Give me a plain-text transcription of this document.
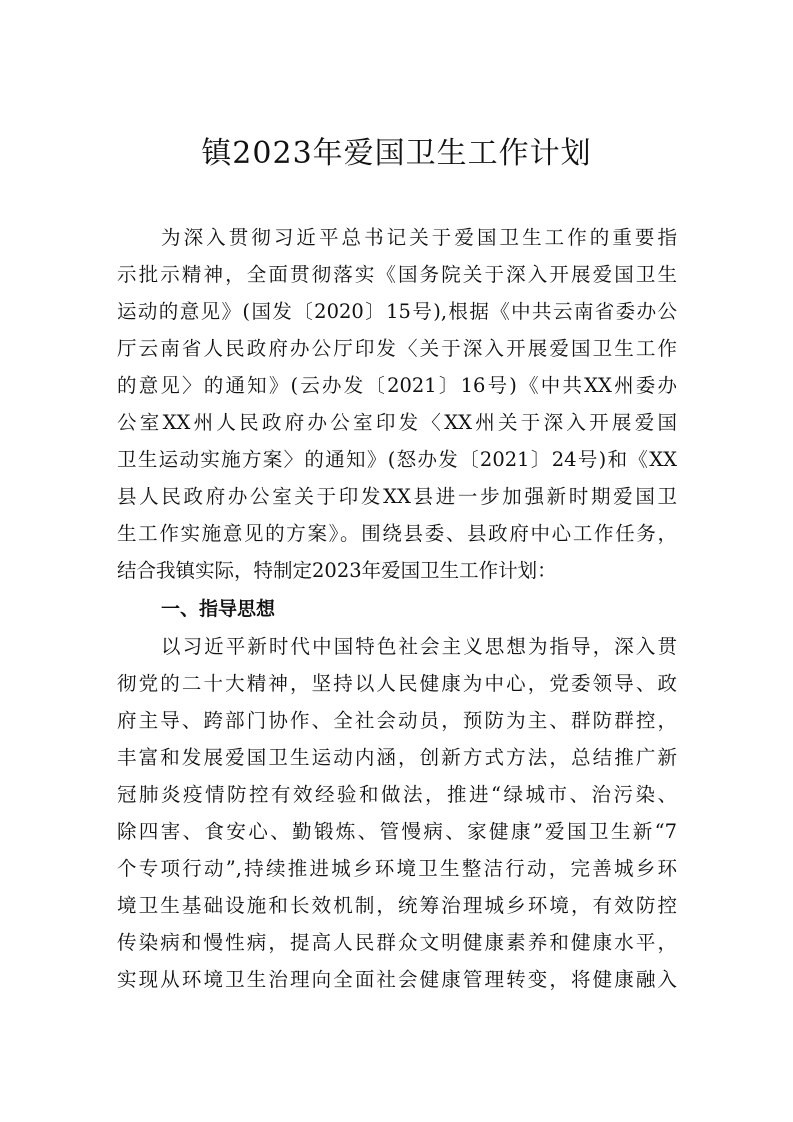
镇2023年爱国卫生工作计划
为深入贯彻习近平总书记关于爱国卫生工作的重要指
示批示精神，全面贯彻落实《国务院关于深入开展爱国卫生
运动的意见》(国发〔2020〕15号),根据《中共云南省委办公
厅云南省人民政府办公厅印发〈关于深入开展爱国卫生工作
的意见〉的通知》(云办发〔2021〕16号)《中共XX州委办
公室XX州人民政府办公室印发〈XX州关于深入开展爱国
卫生运动实施方案〉的通知》(怒办发〔2021〕24号)和《XX
县人民政府办公室关于印发XX县进一步加强新时期爱国卫
生工作实施意见的方案》。围绕县委、县政府中心工作任务，
结合我镇实际，特制定2023年爱国卫生工作计划：
一、指导思想
以习近平新时代中国特色社会主义思想为指导，深入贯
彻党的二十大精神，坚持以人民健康为中心，党委领导、政
府主导、跨部门协作、全社会动员，预防为主、群防群控，
丰富和发展爱国卫生运动内涵，创新方式方法，总结推广新
冠肺炎疫情防控有效经验和做法，推进“绿城市、治污染、
除四害、食安心、勤锻炼、管慢病、家健康”爱国卫生新“7
个专项行动”,持续推进城乡环境卫生整洁行动，完善城乡环
境卫生基础设施和长效机制，统筹治理城乡环境，有效防控
传染病和慢性病，提高人民群众文明健康素养和健康水平，
实现从环境卫生治理向全面社会健康管理转变，将健康融入
